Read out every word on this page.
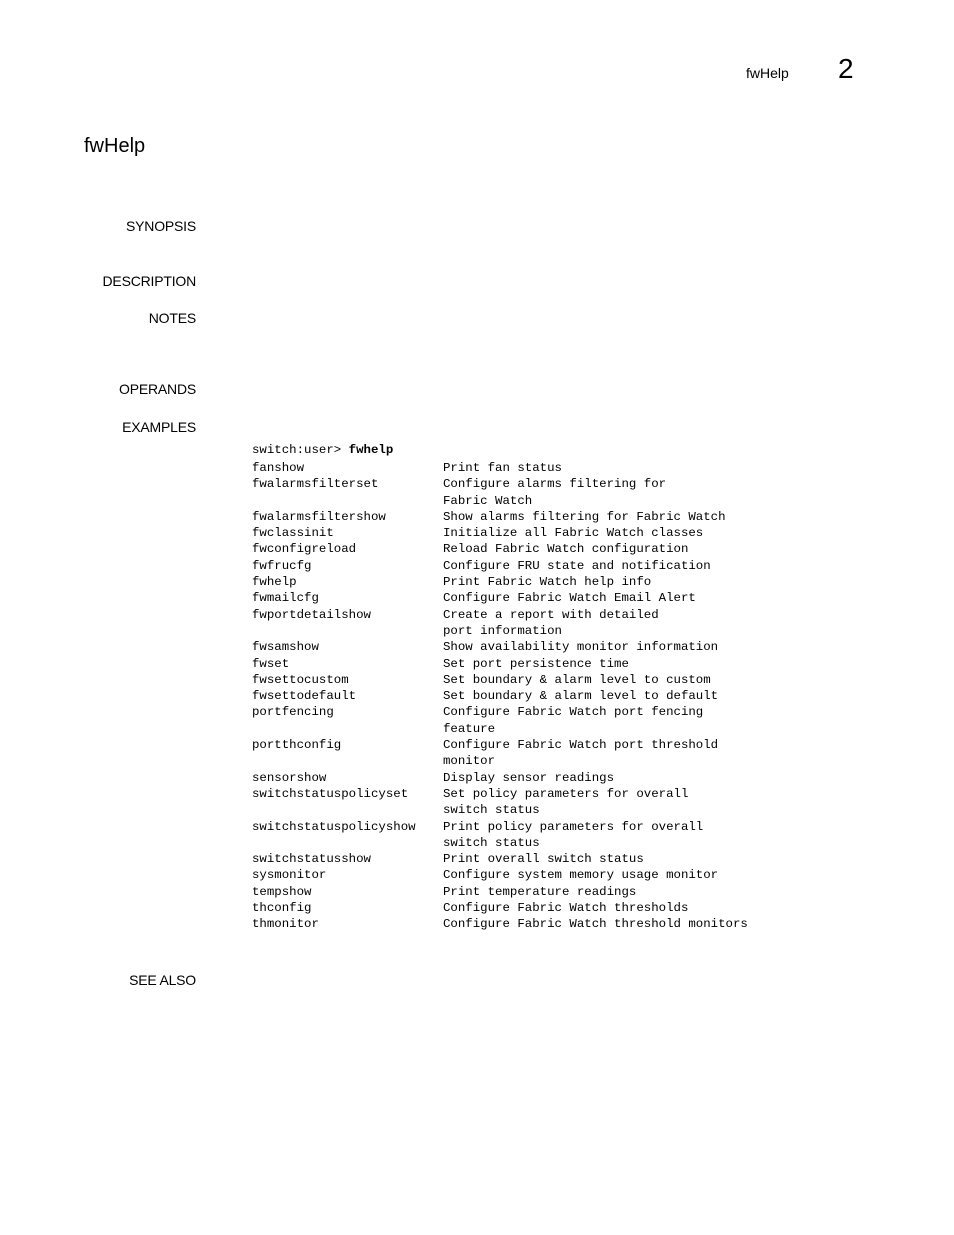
fwHelp 2
fwHelp
SYNOPSIS
DESCRIPTION
NOTES
OPERANDS
EXAMPLES
SEE ALSO
switch:user> fwhelp
fanshow	Print fan status
fwalarmsfilterset	Configure alarms filtering for
Fabric Watch
fwalarmsfiltershow	Show alarms filtering for Fabric Watch
fwclassinit	Initialize all Fabric Watch classes
fwconfigreload	Reload Fabric Watch configuration
fwfrucfg	Configure FRU state and notification
fwhelp	Print Fabric Watch help info
fwmailcfg	Configure Fabric Watch Email Alert
fwportdetailshow	Create a report with detailed
port information
fwsamshow	Show availability monitor information
fwset	Set port persistence time
fwsettocustom	Set boundary & alarm level to custom
fwsettodefault	Set boundary & alarm level to default
portfencing	Configure Fabric Watch port fencing
feature
portthconfig	Configure Fabric Watch port threshold
monitor
sensorshow	Display sensor readings
switchstatuspolicyset	Set policy parameters for overall
switch status
switchstatuspolicyshow	Print policy parameters for overall
switch status
switchstatusshow	Print overall switch status
sysmonitor	Configure system memory usage monitor
tempshow	Print temperature readings
thconfig	Configure Fabric Watch thresholds
thmonitor	Configure Fabric Watch threshold monitors
